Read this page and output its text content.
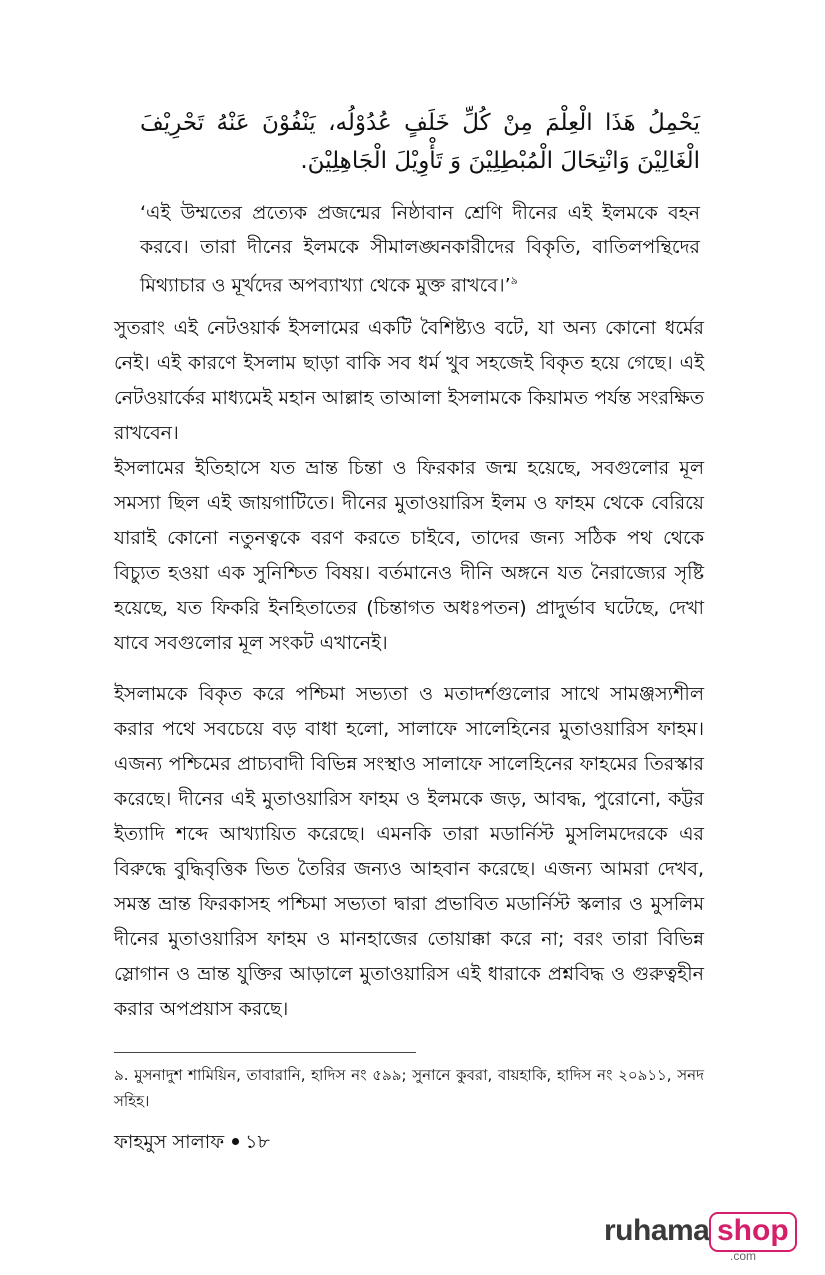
يَحْمِلُ هَذَا الْعِلْمَ مِنْ كُلِّ خَلَفٍ عُدُوْلُه، يَنْفُوْنَ عَنْهُ تَحْرِيْفَ الْغَالِيْنَ وَانْتِحَالَ الْمُبْطِلِيْنَ وَ تَأْوِيْلَ الْجَاهِلِيْنَ.
‘এই উম্মতের প্রত্যেক প্রজন্মের নিষ্ঠাবান শ্রেণি দীনের এই ইলমকে বহন করবে। তারা দীনের ইলমকে সীমালঙ্ঘনকারীদের বিকৃতি, বাতিলপন্থিদের মিথ্যাচার ও মূর্খদের অপব্যাখ্যা থেকে মুক্ত রাখবে।’$^৯$

সুতরাং এই নেটওয়ার্ক ইসলামের একটি বৈশিষ্ট্যও বটে, যা অন্য কোনো ধর্মের নেই। এই কারণে ইসলাম ছাড়া বাকি সব ধর্ম খুব সহজেই বিকৃত হয়ে গেছে। এই নেটওয়ার্কের মাধ্যমেই মহান আল্লাহ তাআলা ইসলামকে কিয়ামত পর্যন্ত সংরক্ষিত রাখবেন।

ইসলামের ইতিহাসে যত ভ্রান্ত চিন্তা ও ফিরকার জন্ম হয়েছে, সবগুলোর মূল সমস্যা ছিল এই জায়গাটিতে। দীনের মুতাওয়ারিস ইলম ও ফাহম থেকে বেরিয়ে যারাই কোনো নতুনত্বকে বরণ করতে চাইবে, তাদের জন্য সঠিক পথ থেকে বিচ্যুত হওয়া এক সুনিশ্চিত বিষয়। বর্তমানেও দীনি অঙ্গনে যত নৈরাজ্যের সৃষ্টি হয়েছে, যত ফিকরি ইনহিতাতের (চিন্তাগত অধঃপতন) প্রাদুর্ভাব ঘটেছে, দেখা যাবে সবগুলোর মূল সংকট এখানেই।

ইসলামকে বিকৃত করে পশ্চিমা সভ্যতা ও মতাদর্শগুলোর সাথে সামঞ্জস্যশীল করার পথে সবচেয়ে বড় বাধা হলো, সালাফে সালেহিনের মুতাওয়ারিস ফাহম। এজন্য পশ্চিমের প্রাচ্যবাদী বিভিন্ন সংস্থাও সালাফে সালেহিনের ফাহমের তিরস্কার করেছে। দীনের এই মুতাওয়ারিস ফাহম ও ইলমকে জড়, আবদ্ধ, পুরোনো, কট্টর ইত্যাদি শব্দে আখ্যায়িত করেছে। এমনকি তারা মডার্নিস্ট মুসলিমদেরকে এর বিরুদ্ধে বুদ্ধিবৃত্তিক ভিত তৈরির জন্যও আহবান করেছে। এজন্য আমরা দেখব, সমস্ত ভ্রান্ত ফিরকাসহ পশ্চিমা সভ্যতা দ্বারা প্রভাবিত মডার্নিস্ট স্কলার ও মুসলিম দীনের মুতাওয়ারিস ফাহম ও মানহাজের তোয়াক্কা করে না; বরং তারা বিভিন্ন স্লোগান ও ভ্রান্ত যুক্তির আড়ালে মুতাওয়ারিস এই ধারাকে প্রশ্নবিদ্ধ ও গুরুত্বহীন করার অপপ্রয়াস করছে।

৯. মুসনাদুশ শামিয়িন, তাবারানি, হাদিস নং ৫৯৯; সুনানে কুবরা, বায়হাকি, হাদিস নং ২০৯১১, সনদ সহিহ।
ফাহমুস সালাফ ১৮
ruhama shop
.com
